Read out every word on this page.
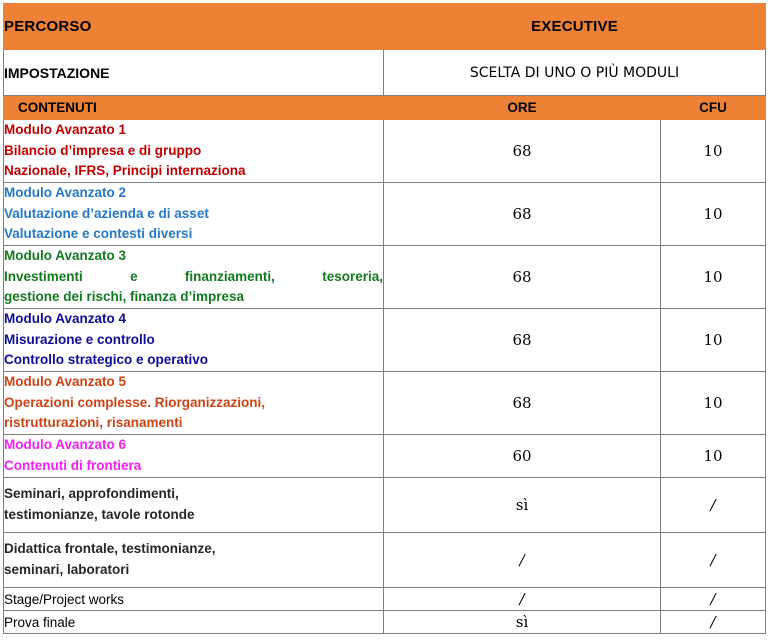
PERCORSO	EXECUTIVE	
IMPOSTAZIONE	SCELTA DI UNO O PIÙ MODULI	
CONTENUTI	ORE	CFU

Modulo Avanzato 1
Bilancio d’impresa e di gruppo
Nazionale, IFRS, Principi internaziona	68	10

Modulo Avanzato 2
Valutazione d’azienda e di asset
Valutazione e contesti diversi	68	10

Modulo Avanzato 3
Investimenti e finanziamenti, tesoreria,
gestione dei rischi, finanza d’impresa	68	10

Modulo Avanzato 4
Misurazione e controllo
Controllo strategico e operativo	68	10

Modulo Avanzato 5
Operazioni complesse. Riorganizzazioni,
ristrutturazioni, risanamenti	68	10

Modulo Avanzato 6
Contenuti di frontiera	60	10

Seminari, approfondimenti,
testimonianze, tavole rotonde	sì	/

Didattica frontale, testimonianze,
seminari, laboratori	/	/
Stage/Project works	/	/
Prova finale	sì	/
